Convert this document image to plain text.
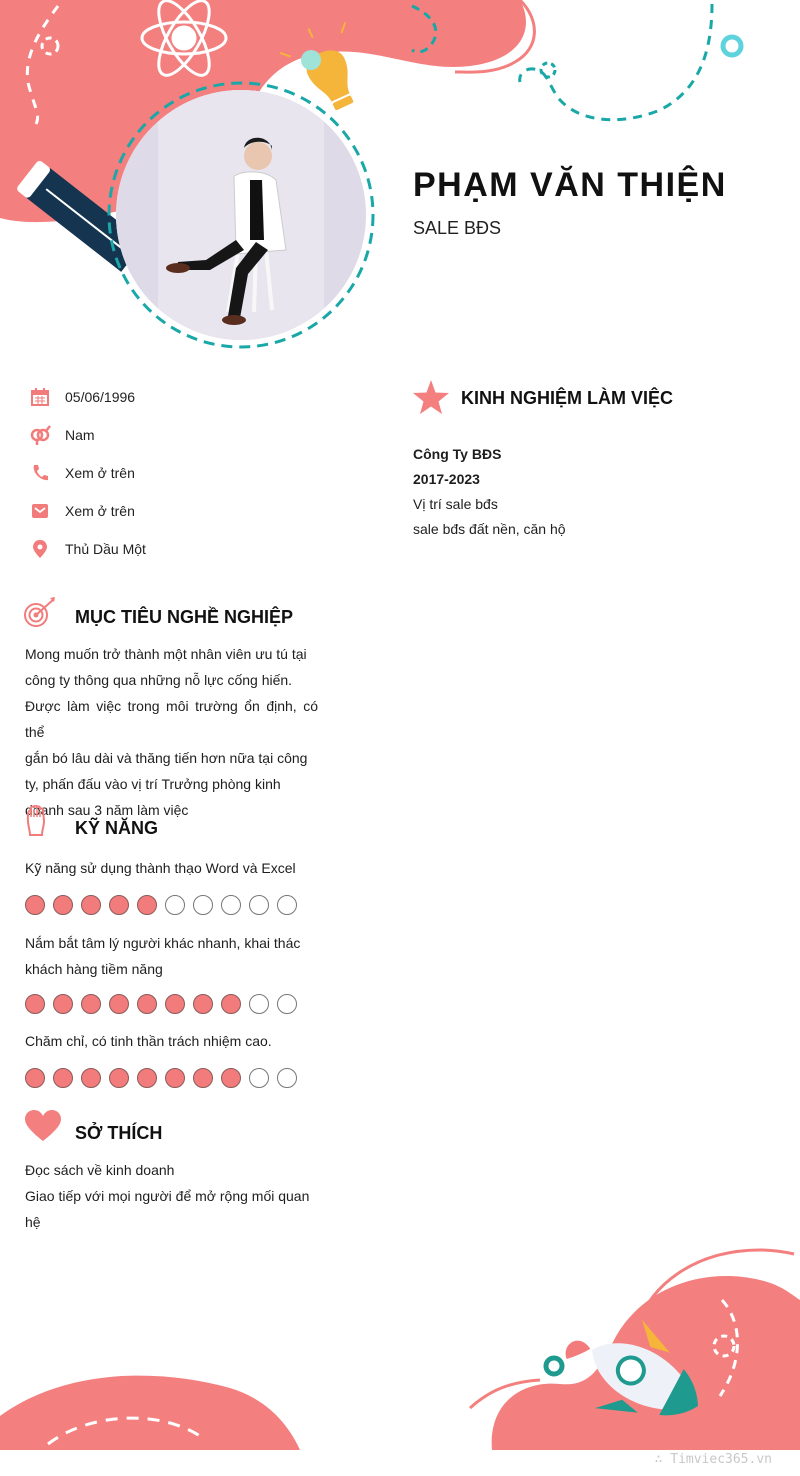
PHẠM VĂN THIỆN
SALE BĐS
05/06/1996
Nam
Xem ở trên
Xem ở trên
Thủ Dầu Một
MỤC TIÊU NGHỀ NGHIỆP
Mong muốn trở thành một nhân viên ưu tú tại
công ty thông qua những nỗ lực cống hiến.
Được làm việc trong môi trường ổn định, có thể
gắn bó lâu dài và thăng tiến hơn nữa tại công
ty, phấn đấu vào vị trí Trưởng phòng kinh
doanh sau 3 năm làm việc
KỸ NĂNG
Kỹ năng sử dụng thành thạo Word và Excel
Nắm bắt tâm lý người khác nhanh, khai thác
khách hàng tiềm năng
Chăm chỉ, có tinh thần trách nhiệm cao.
SỞ THÍCH
Đọc sách về kinh doanh
Giao tiếp với mọi người để mở rộng mối quan
hệ
KINH NGHIỆM LÀM VIỆC
Công Ty BĐS
2017-2023
Vị trí sale bđs
sale bđs đất nền, căn hộ
∴ Timviec365.vn
